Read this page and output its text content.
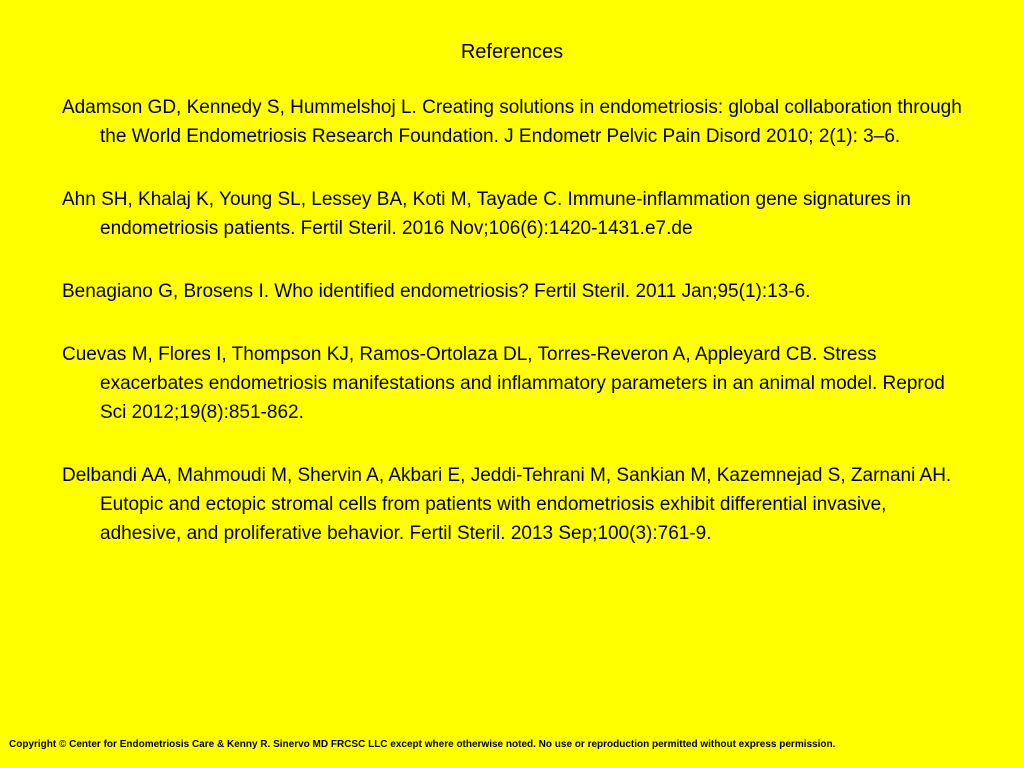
References
Adamson GD, Kennedy S, Hummelshoj L. Creating solutions in endometriosis: global collaboration through the World Endometriosis Research Foundation. J Endometr Pelvic Pain Disord 2010; 2(1): 3–6.
Ahn SH, Khalaj K, Young SL, Lessey BA, Koti M, Tayade C. Immune-inflammation gene signatures in endometriosis patients. Fertil Steril. 2016 Nov;106(6):1420-1431.e7.de
Benagiano G, Brosens I. Who identified endometriosis? Fertil Steril. 2011 Jan;95(1):13-6.
Cuevas M, Flores I, Thompson KJ, Ramos-Ortolaza DL, Torres-Reveron A, Appleyard CB. Stress exacerbates endometriosis manifestations and inflammatory parameters in an animal model. Reprod Sci 2012;19(8):851-862.
Delbandi AA, Mahmoudi M, Shervin A, Akbari E, Jeddi-Tehrani M, Sankian M, Kazemnejad S, Zarnani AH. Eutopic and ectopic stromal cells from patients with endometriosis exhibit differential invasive, adhesive, and proliferative behavior. Fertil Steril. 2013 Sep;100(3):761-9.
Copyright © Center for Endometriosis Care & Kenny R. Sinervo MD FRCSC LLC except where otherwise noted. No use or reproduction permitted without express permission.
